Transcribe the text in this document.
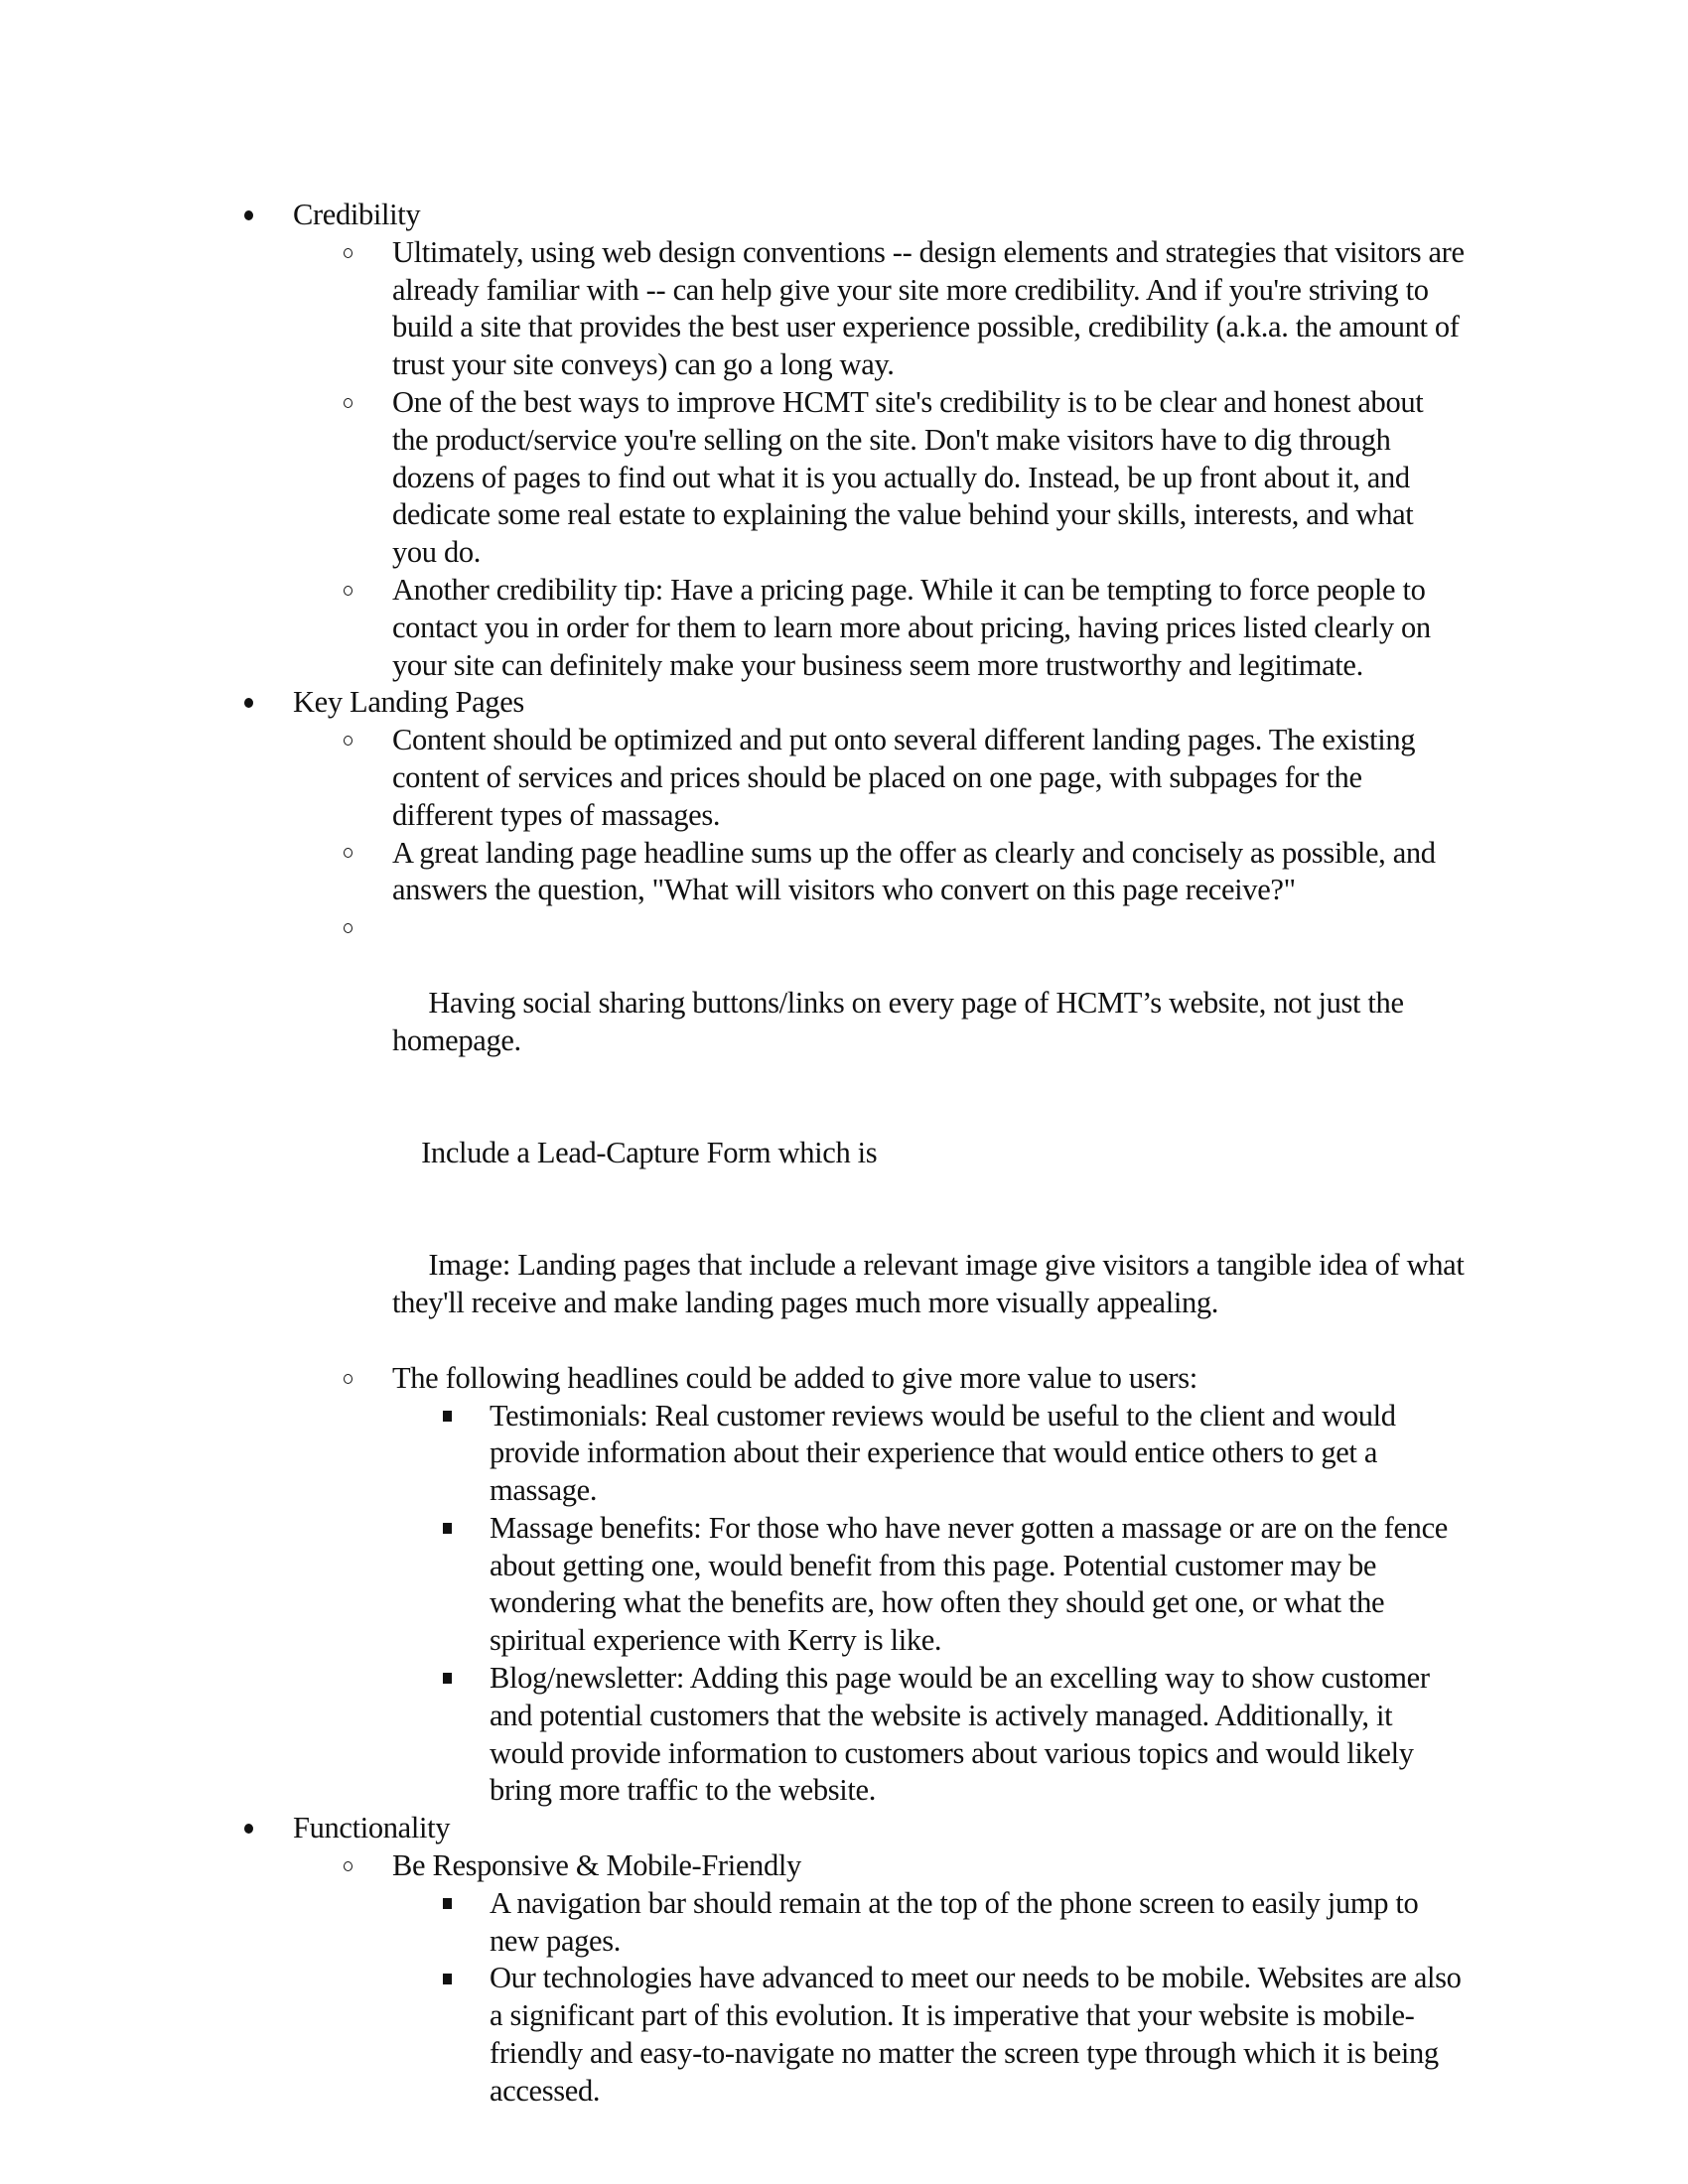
Credibility
Ultimately, using web design conventions -- design elements and strategies that visitors are already familiar with -- can help give your site more credibility. And if you're striving to build a site that provides the best user experience possible, credibility (a.k.a. the amount of trust your site conveys) can go a long way.
One of the best ways to improve HCMT site's credibility is to be clear and honest about the product/service you're selling on the site. Don't make visitors have to dig through dozens of pages to find out what it is you actually do. Instead, be up front about it, and dedicate some real estate to explaining the value behind your skills, interests, and what you do.
Another credibility tip: Have a pricing page. While it can be tempting to force people to contact you in order for them to learn more about pricing, having prices listed clearly on your site can definitely make your business seem more trustworthy and legitimate.
Key Landing Pages
Content should be optimized and put onto several different landing pages. The existing content of services and prices should be placed on one page, with subpages for the different types of massages.
A great landing page headline sums up the offer as clearly and concisely as possible, and answers the question, "What will visitors who convert on this page receive?"

Having social sharing buttons/links on every page of HCMT’s website, not just the homepage.

Include a Lead-Capture Form which is

Image: Landing pages that include a relevant image give visitors a tangible idea of what they'll receive and make landing pages much more visually appealing.

The following headlines could be added to give more value to users:
Testimonials: Real customer reviews would be useful to the client and would provide information about their experience that would entice others to get a massage.
Massage benefits: For those who have never gotten a massage or are on the fence about getting one, would benefit from this page. Potential customer may be wondering what the benefits are, how often they should get one, or what the spiritual experience with Kerry is like.
Blog/newsletter: Adding this page would be an excelling way to show customer and potential customers that the website is actively managed. Additionally, it would provide information to customers about various topics and would likely bring more traffic to the website.
Functionality
Be Responsive & Mobile-Friendly
A navigation bar should remain at the top of the phone screen to easily jump to new pages.
Our technologies have advanced to meet our needs to be mobile. Websites are also a significant part of this evolution. It is imperative that your website is mobile-friendly and easy-to-navigate no matter the screen type through which it is being accessed.
